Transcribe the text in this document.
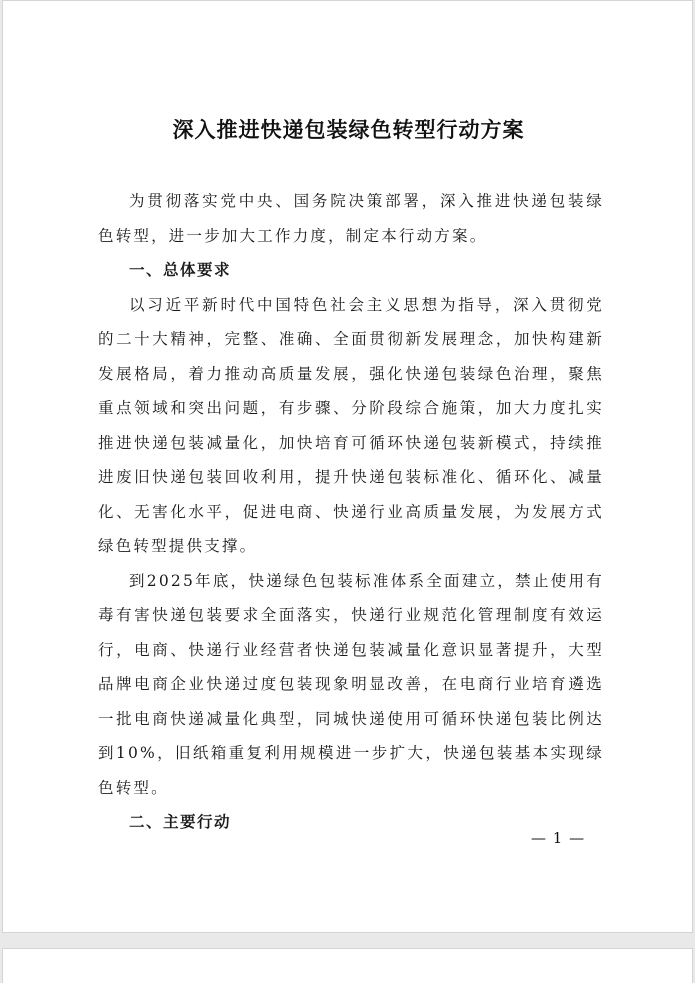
深入推进快递包装绿色转型行动方案

为贯彻落实党中央、国务院决策部署，深入推进快递包装绿色转型，进一步加大工作力度，制定本行动方案。

一、总体要求

以习近平新时代中国特色社会主义思想为指导，深入贯彻党的二十大精神，完整、准确、全面贯彻新发展理念，加快构建新发展格局，着力推动高质量发展，强化快递包装绿色治理，聚焦重点领域和突出问题，有步骤、分阶段综合施策，加大力度扎实推进快递包装减量化，加快培育可循环快递包装新模式，持续推进废旧快递包装回收利用，提升快递包装标准化、循环化、减量化、无害化水平，促进电商、快递行业高质量发展，为发展方式绿色转型提供支撑。

到2025年底，快递绿色包装标准体系全面建立，禁止使用有毒有害快递包装要求全面落实，快递行业规范化管理制度有效运行，电商、快递行业经营者快递包装减量化意识显著提升，大型品牌电商企业快递过度包装现象明显改善，在电商行业培育遴选一批电商快递减量化典型，同城快递使用可循环快递包装比例达到10%，旧纸箱重复利用规模进一步扩大，快递包装基本实现绿色转型。

二、主要行动

— 1 —
